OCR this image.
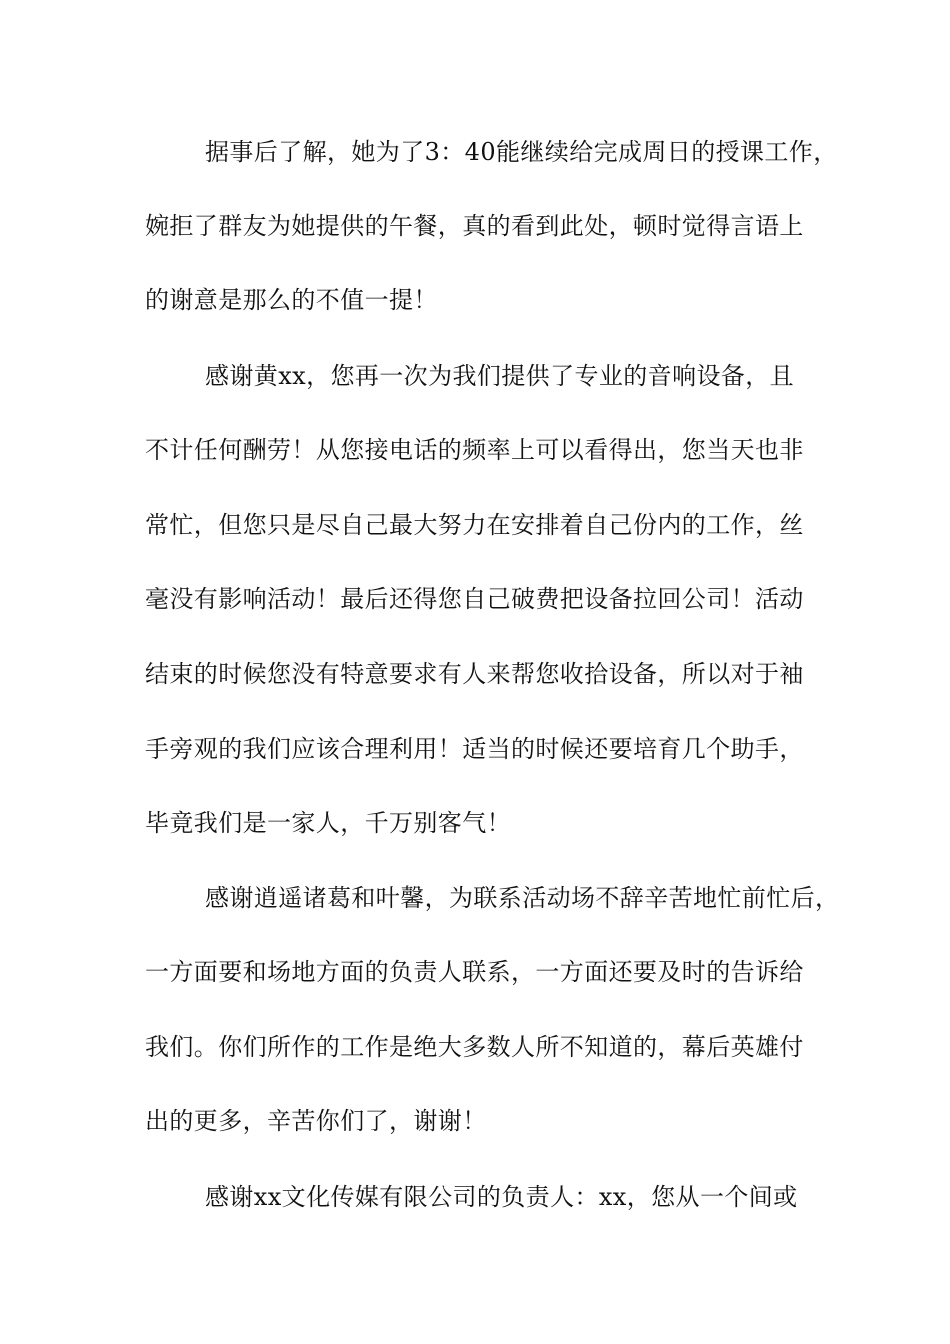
据事后了解，她为了3：40能继续给完成周日的授课工作，
婉拒了群友为她提供的午餐，真的看到此处，顿时觉得言语上
的谢意是那么的不值一提！
感谢黄xx，您再一次为我们提供了专业的音响设备，且
不计任何酬劳！从您接电话的频率上可以看得出，您当天也非
常忙，但您只是尽自己最大努力在安排着自己份内的工作，丝
毫没有影响活动！最后还得您自己破费把设备拉回公司！活动
结束的时候您没有特意要求有人来帮您收拾设备，所以对于袖
手旁观的我们应该合理利用！适当的时候还要培育几个助手，
毕竟我们是一家人，千万别客气！
感谢逍遥诸葛和叶馨，为联系活动场不辞辛苦地忙前忙后，
一方面要和场地方面的负责人联系，一方面还要及时的告诉给
我们。你们所作的工作是绝大多数人所不知道的，幕后英雄付
出的更多，辛苦你们了，谢谢！
感谢xx文化传媒有限公司的负责人：xx，您从一个间或
